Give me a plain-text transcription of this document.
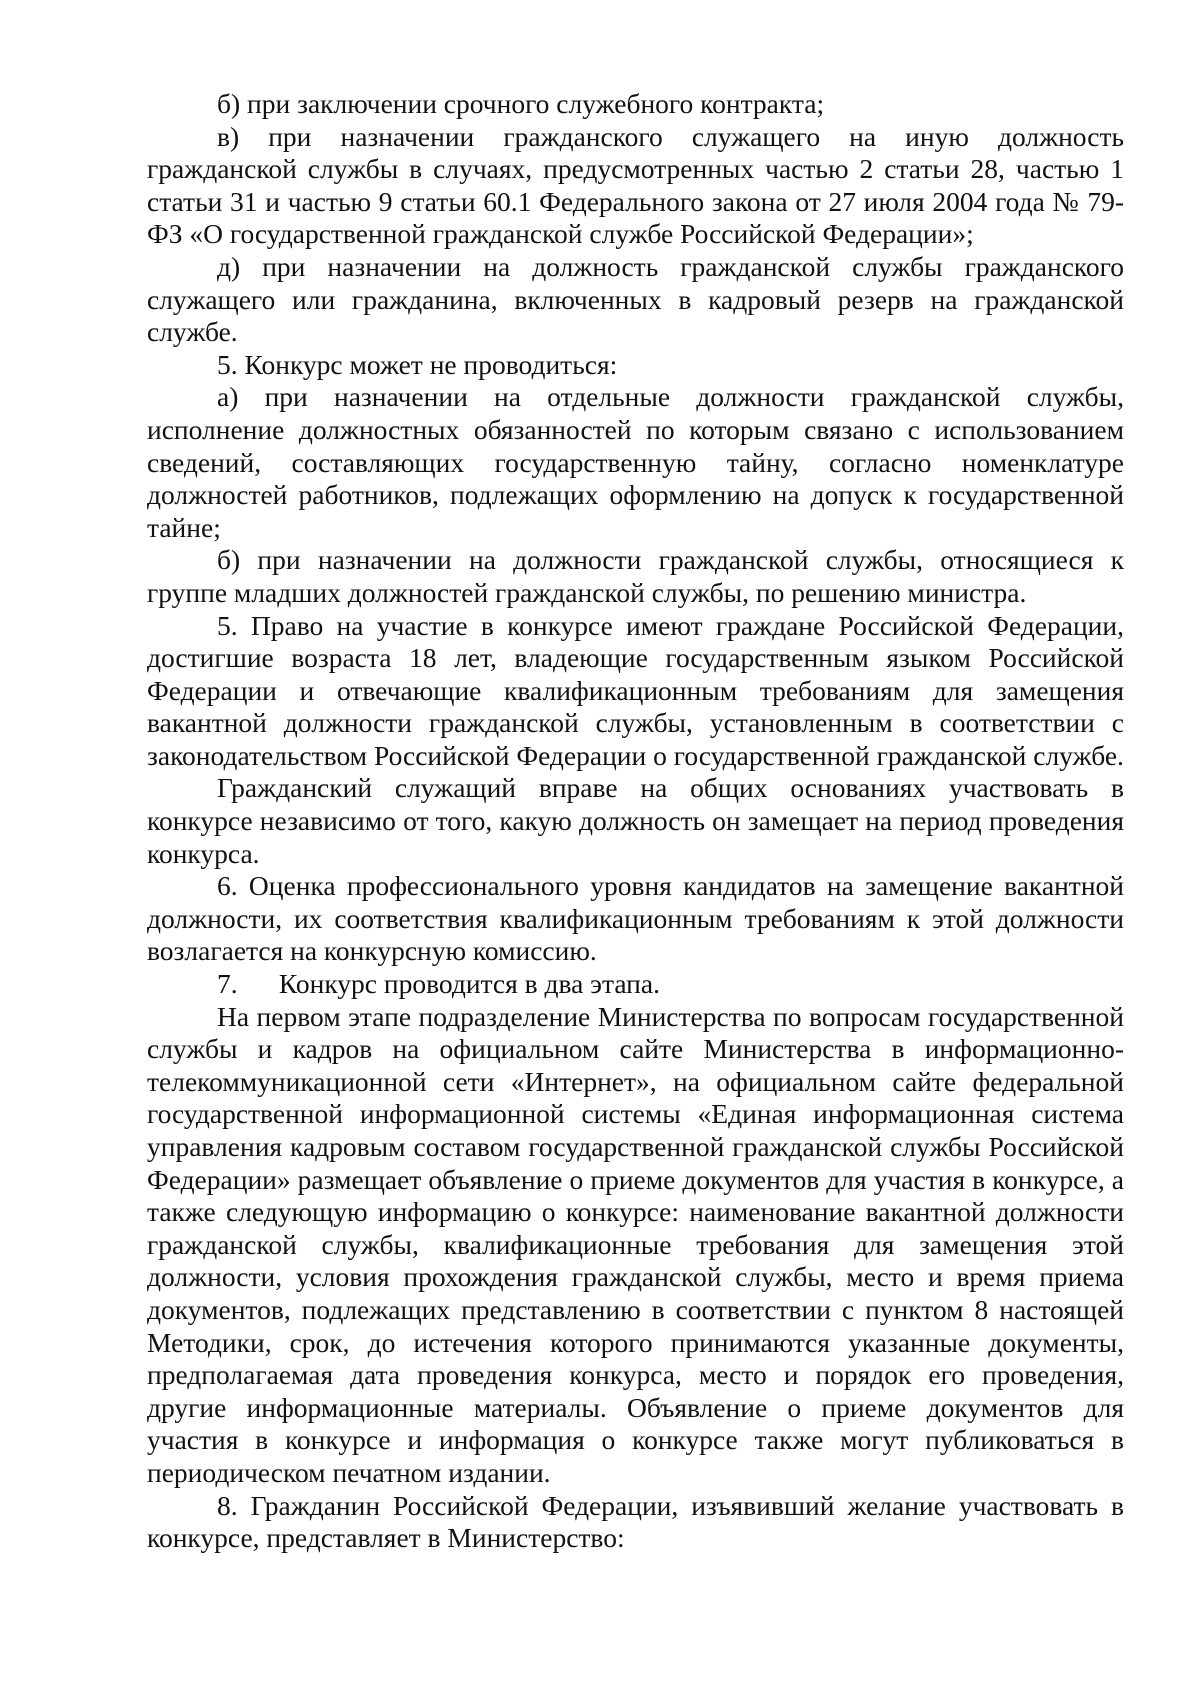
б) при заключении срочного служебного контракта;

в) при назначении гражданского служащего на иную должность гражданской службы в случаях, предусмотренных частью 2 статьи 28, частью 1 статьи 31 и частью 9 статьи 60.1 Федерального закона от 27 июля 2004 года № 79-ФЗ «О государственной гражданской службе Российской Федерации»;

д) при назначении на должность гражданской службы гражданского служащего или гражданина, включенных в кадровый резерв на гражданской службе.

5. Конкурс может не проводиться:

а) при назначении на отдельные должности гражданской службы, исполнение должностных обязанностей по которым связано с использованием сведений, составляющих государственную тайну, согласно номенклатуре должностей работников, подлежащих оформлению на допуск к государственной тайне;

б) при назначении на должности гражданской службы, относящиеся к группе младших должностей гражданской службы, по решению министра.

5. Право на участие в конкурсе имеют граждане Российской Федерации, достигшие возраста 18 лет, владеющие государственным языком Российской Федерации и отвечающие квалификационным требованиям для замещения вакантной должности гражданской службы, установленным в соответствии с законодательством Российской Федерации о государственной гражданской службе.

Гражданский служащий вправе на общих основаниях участвовать в конкурсе независимо от того, какую должность он замещает на период проведения конкурса.

6. Оценка профессионального уровня кандидатов на замещение вакантной должности, их соответствия квалификационным требованиям к этой должности возлагается на конкурсную комиссию.

7.      Конкурс проводится в два этапа.

На первом этапе подразделение Министерства по вопросам государственной службы и кадров на официальном сайте Министерства в информационно-телекоммуникационной сети «Интернет», на официальном сайте федеральной государственной информационной системы «Единая информационная система управления кадровым составом государственной гражданской службы Российской Федерации» размещает объявление о приеме документов для участия в конкурсе, а также следующую информацию о конкурсе: наименование вакантной должности гражданской службы, квалификационные требования для замещения этой должности, условия прохождения гражданской службы, место и время приема документов, подлежащих представлению в соответствии с пунктом 8 настоящей Методики, срок, до истечения которого принимаются указанные документы, предполагаемая дата проведения конкурса, место и порядок его проведения, другие информационные материалы. Объявление о приеме документов для участия в конкурсе и информация о конкурсе также могут публиковаться в периодическом печатном издании.

8. Гражданин Российской Федерации, изъявивший желание участвовать в конкурсе, представляет в Министерство:
